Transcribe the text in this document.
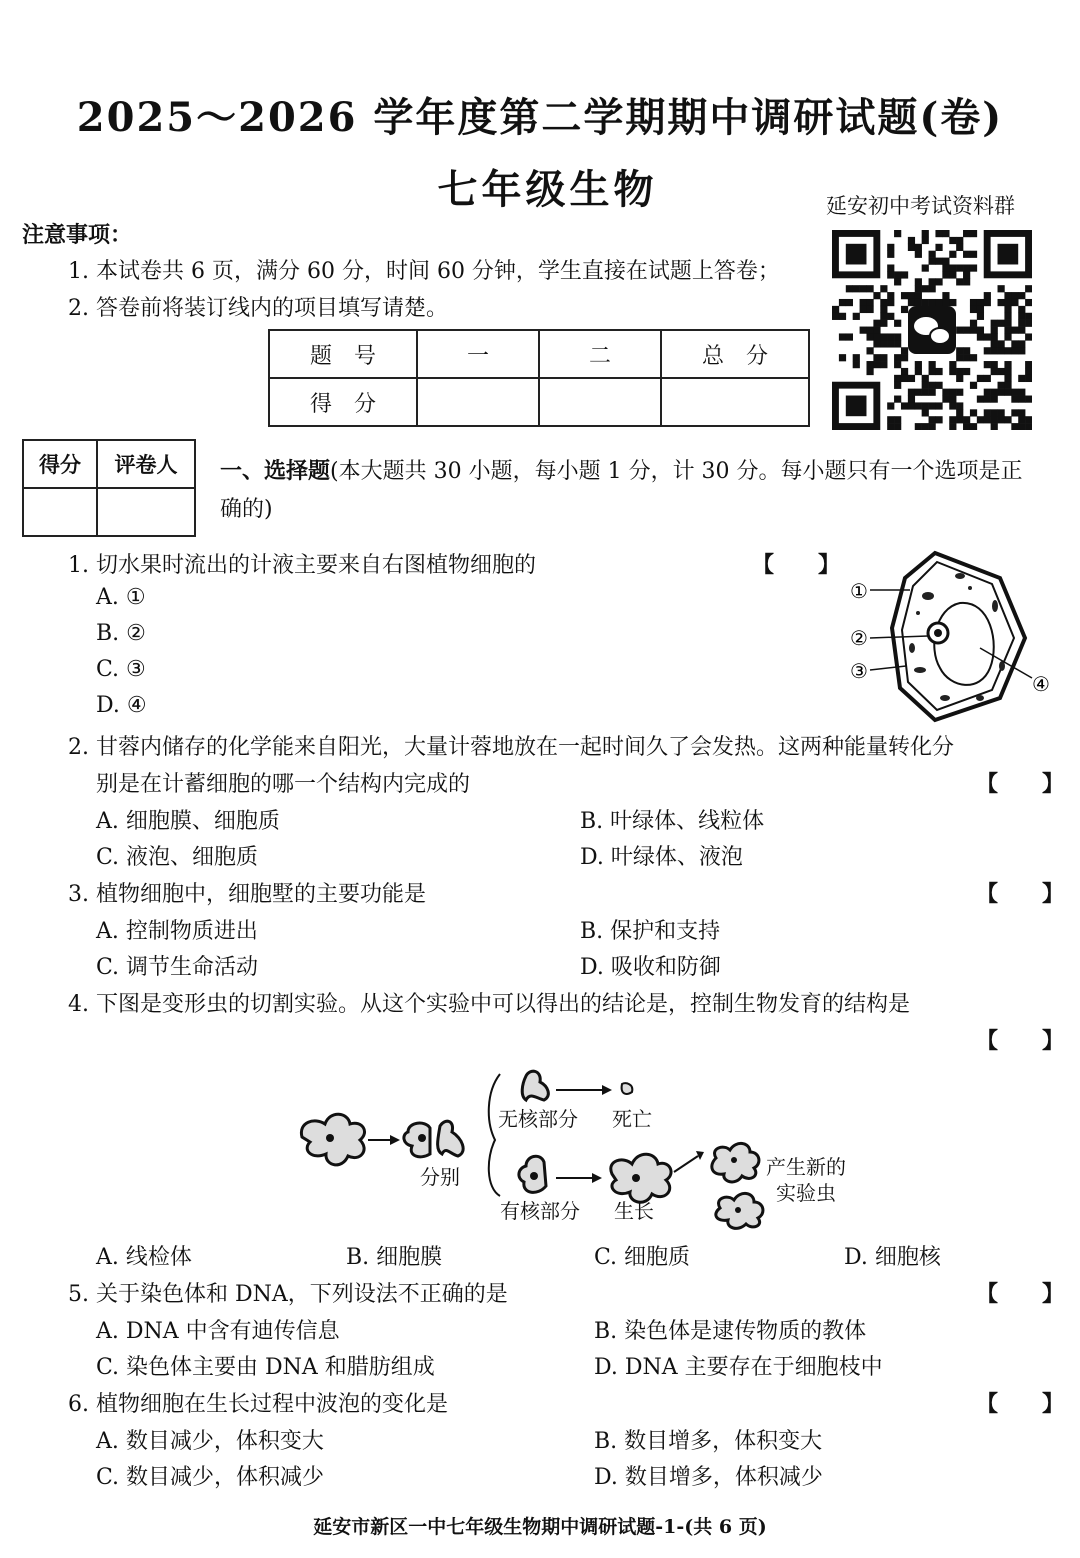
2025～2026 学年度第二学期期中调研试题(卷)
七年级生物	延安初中考试资料群
注意事项：
1. 本试卷共 6 页，满分 60 分，时间 60 分钟，学生直接在试题上答卷；
2. 答卷前将装订线内的项目填写请楚。
题　号	一	二	总　分
得　分			
得分	评卷人
	一、选择题(本大题共 30 小题，每小题 1 分，计 30 分。每小题只有一个选项是正
确的)
1. 切水果时流出的计液主要来自右图植物细胞的	【　　】
A. ①
B. ②
C. ③
D. ④
①
②
③
④
2. 甘蓉内储存的化学能来自阳光，大量计蓉地放在一起时间久了会发热。这两种能量转化分
别是在计蓄细胞的哪一个结构内完成的	【　　】
A. 细胞膜、细胞质	B. 叶绿体、线粒体
C. 液泡、细胞质	D. 叶绿体、液泡
3. 植物细胞中，细胞墅的主要功能是	【　　】
A. 控制物质进出	B. 保护和支持
C. 调节生命活动	D. 吸收和防御
4. 下图是变形虫的切割实验。从这个实验中可以得出的结论是，控制生物发育的结构是
【　　】
分别
无核部分 死亡
有核部分 生长
产生新的
实验虫
A. 线检体	B. 细胞膜	C. 细胞质	D. 细胞核
5. 关于染色体和 DNA，下列设法不正确的是	【　　】
A. DNA 中含有迪传信息	B. 染色体是逮传物质的教体
C. 染色体主要由 DNA 和腊肪组成	D. DNA 主要存在于细胞枝中
6. 植物细胞在生长过程中波泡的变化是	【　　】
A. 数目减少，体积变大	B. 数目增多，体积变大
C. 数目减少，体积减少	D. 数目增多，体积减少
延安市新区一中七年级生物期中调研试题-1-(共 6 页)
